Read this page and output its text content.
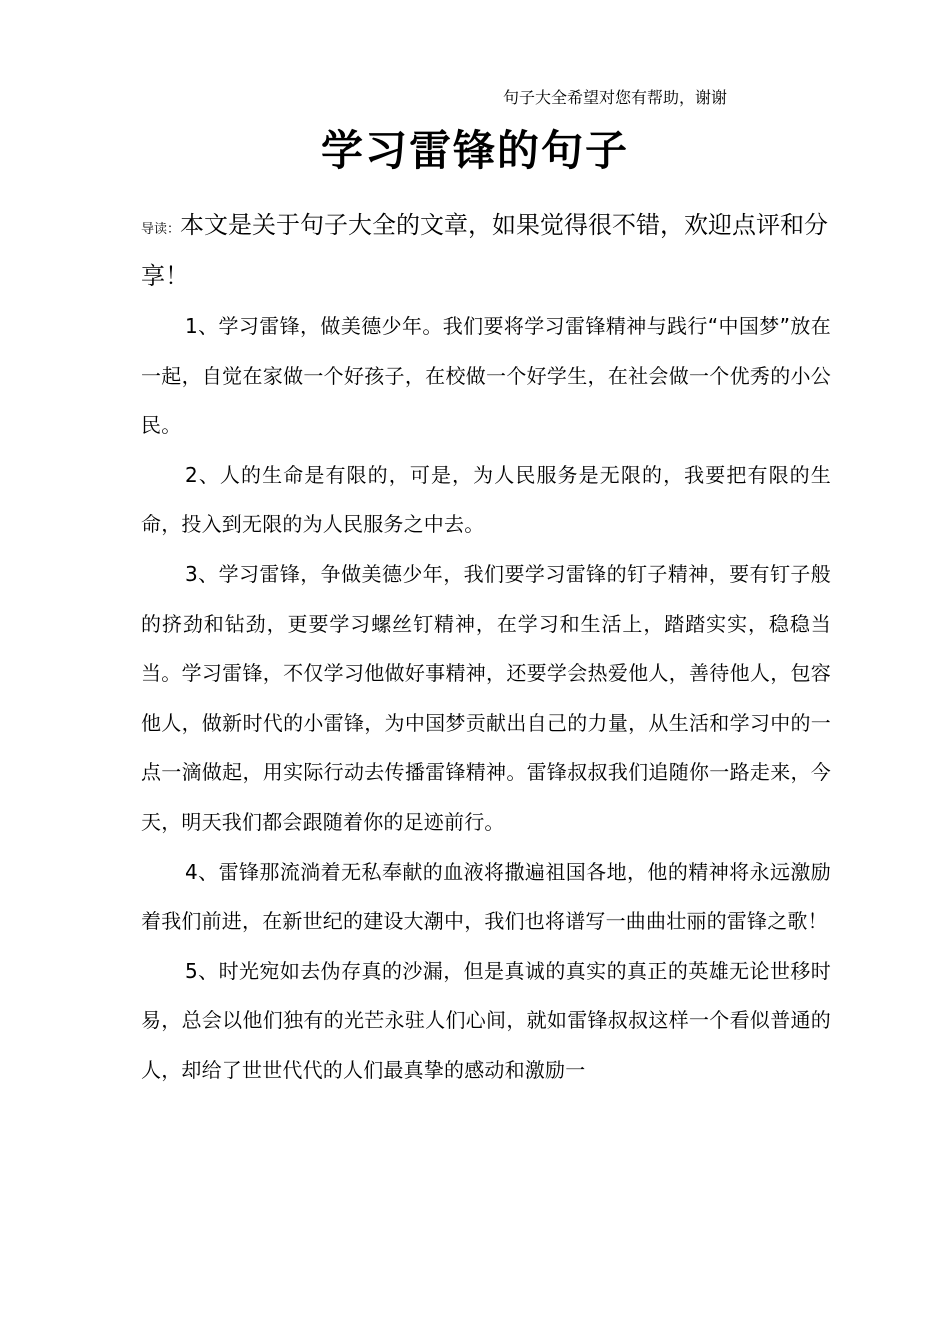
句子大全希望对您有帮助，谢谢
学习雷锋的句子
导读：本文是关于句子大全的文章，如果觉得很不错，欢迎点评和分享！

1、学习雷锋，做美德少年。我们要将学习雷锋精神与践行“中国梦”放在一起，自觉在家做一个好孩子，在校做一个好学生，在社会做一个优秀的小公民。

2、人的生命是有限的，可是，为人民服务是无限的，我要把有限的生命，投入到无限的为人民服务之中去。

3、学习雷锋，争做美德少年，我们要学习雷锋的钉子精神，要有钉子般的挤劲和钻劲，更要学习螺丝钉精神，在学习和生活上，踏踏实实，稳稳当当。学习雷锋，不仅学习他做好事精神，还要学会热爱他人，善待他人，包容他人，做新时代的小雷锋，为中国梦贡献出自己的力量，从生活和学习中的一点一滴做起，用实际行动去传播雷锋精神。雷锋叔叔我们追随你一路走来，今天，明天我们都会跟随着你的足迹前行。

4、雷锋那流淌着无私奉献的血液将撒遍祖国各地，他的精神将永远激励着我们前进，在新世纪的建设大潮中，我们也将谱写一曲曲壮丽的雷锋之歌！

5、时光宛如去伪存真的沙漏，但是真诚的真实的真正的英雄无论世移时易，总会以他们独有的光芒永驻人们心间，就如雷锋叔叔这样一个看似普通的人，却给了世世代代的人们最真挚的感动和激励一
